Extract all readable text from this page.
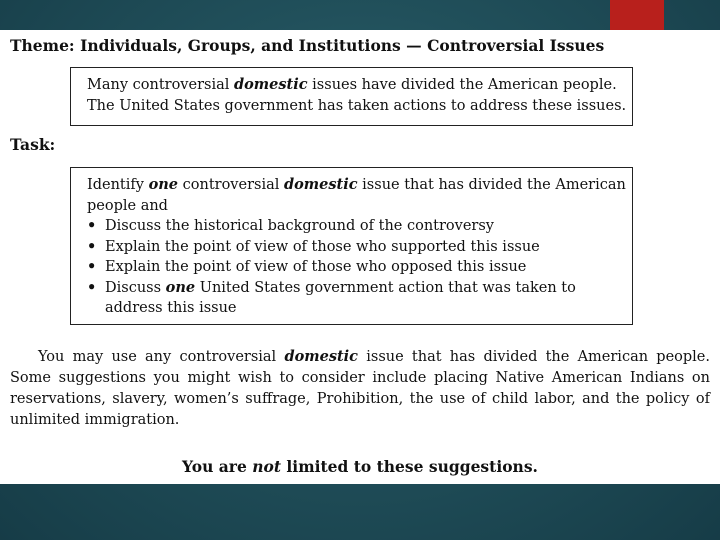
Theme: Individuals, Groups, and Institutions — Controversial Issues
Many controversial domestic issues have divided the American people.
The United States government has taken actions to address these issues.
Task:
Identify one controversial domestic issue that has divided the American
people and
• Discuss the historical background of the controversy
• Explain the point of view of those who supported this issue
• Explain the point of view of those who opposed this issue
• Discuss one United States government action that was taken to
address this issue
You may use any controversial domestic issue that has divided the American people. Some suggestions you might wish to consider include placing Native American Indians on reservations, slavery, women’s suffrage, Prohibition, the use of child labor, and the policy of unlimited immigration.
You are not limited to these suggestions.
